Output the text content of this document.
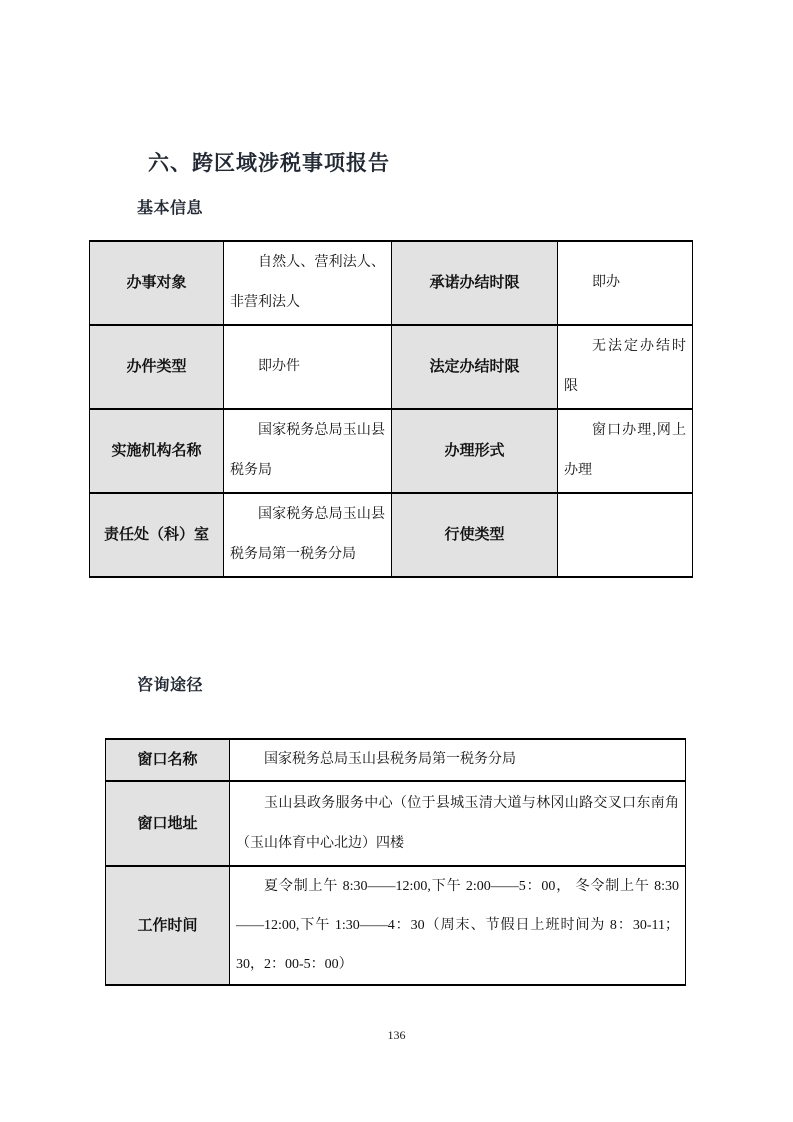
六、跨区域涉税事项报告
基本信息
办事对象	自然人、营利法人、非营利法人	承诺办结时限	即办

办件类型	即办件	法定办结时限	无法定办结时限

实施机构名称	国家税务总局玉山县税务局	办理形式	窗口办理,网上办理

责任处（科）室	国家税务总局玉山县税务局第一税务分局	行使类型	

咨询途径
窗口名称	国家税务总局玉山县税务局第一税务分局

窗口地址	玉山县政务服务中心（位于县城玉清大道与林冈山路交叉口东南角（玉山体育中心北边）四楼

工作时间	夏令制上午 8:30——12:00,下午 2:00——5：00， 冬令制上午 8:30——12:00,下午 1:30——4：30（周末、节假日上班时间为 8：30-11；30，2：00-5：00）

136
